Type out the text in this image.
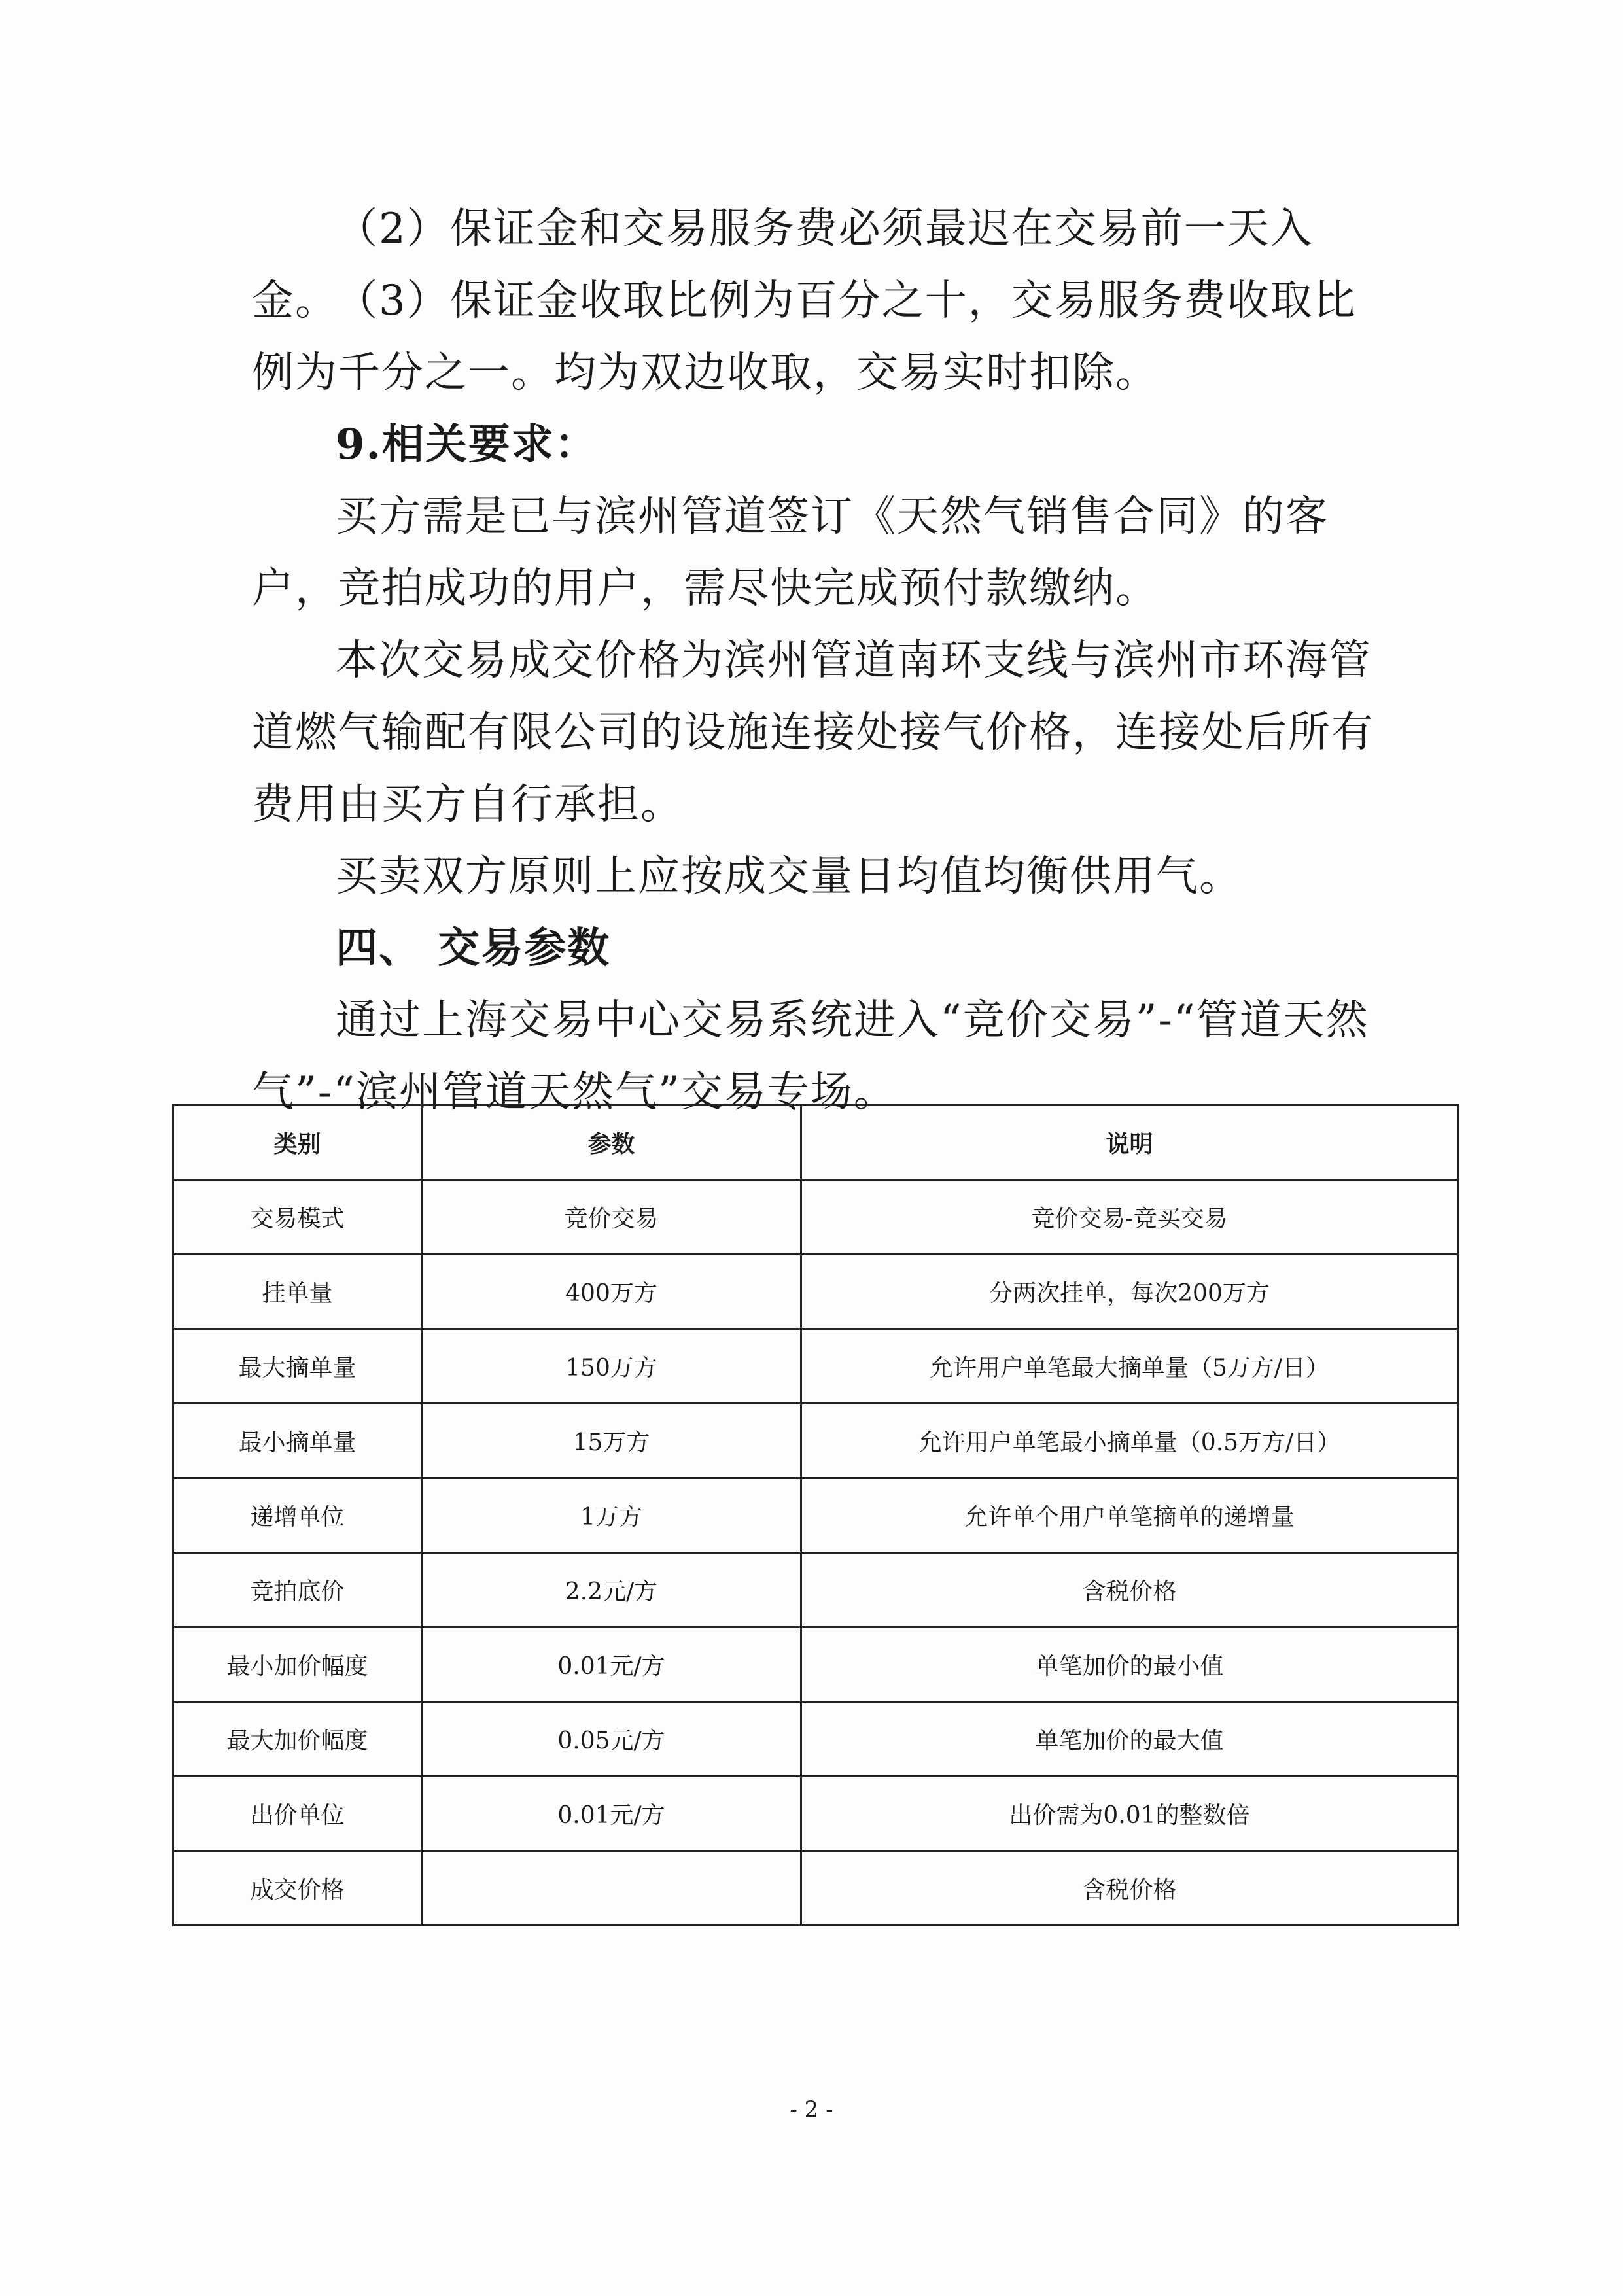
（2）保证金和交易服务费必须最迟在交易前一天入金。

（3）保证金收取比例为百分之十，交易服务费收取比例为千分之一。均为双边收取，交易实时扣除。

9.相关要求：

买方需是已与滨州管道签订《天然气销售合同》的客户，竞拍成功的用户，需尽快完成预付款缴纳。

本次交易成交价格为滨州管道南环支线与滨州市环海管道燃气输配有限公司的设施连接处接气价格，连接处后所有费用由买方自行承担。

买卖双方原则上应按成交量日均值均衡供用气。

四、 交易参数

通过上海交易中心交易系统进入“竞价交易”-“管道天然气”-“滨州管道天然气”交易专场。

类别	参数	说明
交易模式	竞价交易	竞价交易-竞买交易
挂单量	400万方	分两次挂单，每次200万方
最大摘单量	150万方	允许用户单笔最大摘单量（5万方/日）
最小摘单量	15万方	允许用户单笔最小摘单量（0.5万方/日）
递增单位	1万方	允许单个用户单笔摘单的递增量
竞拍底价	2.2元/方	含税价格
最小加价幅度	0.01元/方	单笔加价的最小值
最大加价幅度	0.05元/方	单笔加价的最大值
出价单位	0.01元/方	出价需为0.01的整数倍
成交价格		含税价格
- 2 -
